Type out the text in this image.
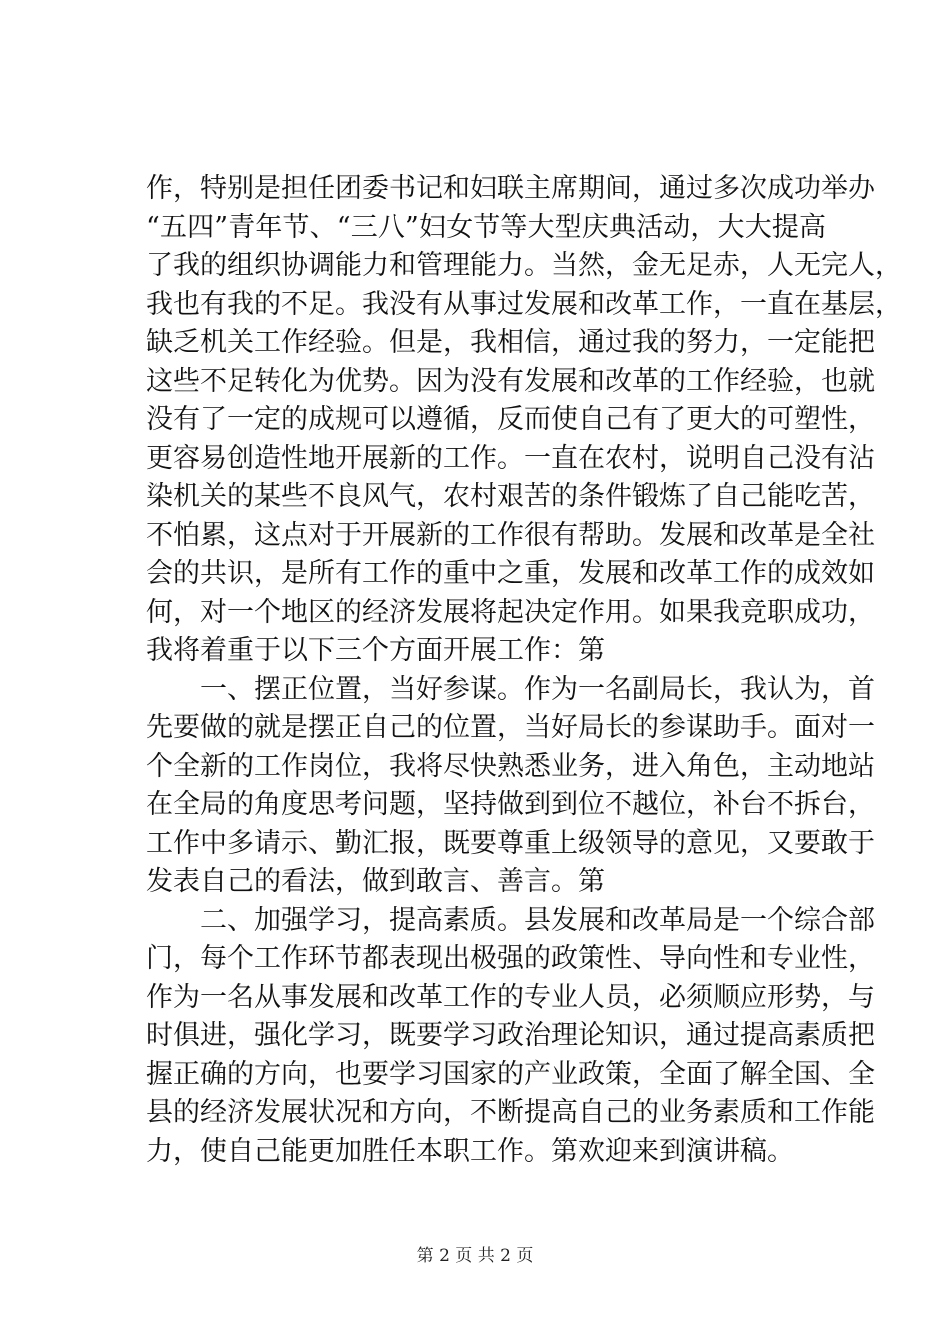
作，特别是担任团委书记和妇联主席期间，通过多次成功举办
“五四”青年节、“三八”妇女节等大型庆典活动，大大提高
了我的组织协调能力和管理能力。当然，金无足赤，人无完人，
我也有我的不足。我没有从事过发展和改革工作，一直在基层，
缺乏机关工作经验。但是，我相信，通过我的努力，一定能把
这些不足转化为优势。因为没有发展和改革的工作经验，也就
没有了一定的成规可以遵循，反而使自己有了更大的可塑性，
更容易创造性地开展新的工作。一直在农村，说明自己没有沾
染机关的某些不良风气，农村艰苦的条件锻炼了自己能吃苦，
不怕累，这点对于开展新的工作很有帮助。发展和改革是全社
会的共识，是所有工作的重中之重，发展和改革工作的成效如
何，对一个地区的经济发展将起决定作用。如果我竞职成功，
我将着重于以下三个方面开展工作：第
　　一、摆正位置，当好参谋。作为一名副局长，我认为，首
先要做的就是摆正自己的位置，当好局长的参谋助手。面对一
个全新的工作岗位，我将尽快熟悉业务，进入角色，主动地站
在全局的角度思考问题，坚持做到到位不越位，补台不拆台，
工作中多请示、勤汇报，既要尊重上级领导的意见，又要敢于
发表自己的看法，做到敢言、善言。第
　　二、加强学习，提高素质。县发展和改革局是一个综合部
门，每个工作环节都表现出极强的政策性、导向性和专业性，
作为一名从事发展和改革工作的专业人员，必须顺应形势，与
时俱进，强化学习，既要学习政治理论知识，通过提高素质把
握正确的方向，也要学习国家的产业政策，全面了解全国、全
县的经济发展状况和方向，不断提高自己的业务素质和工作能
力，使自己能更加胜任本职工作。第欢迎来到演讲稿。
第 2 页 共 2 页
